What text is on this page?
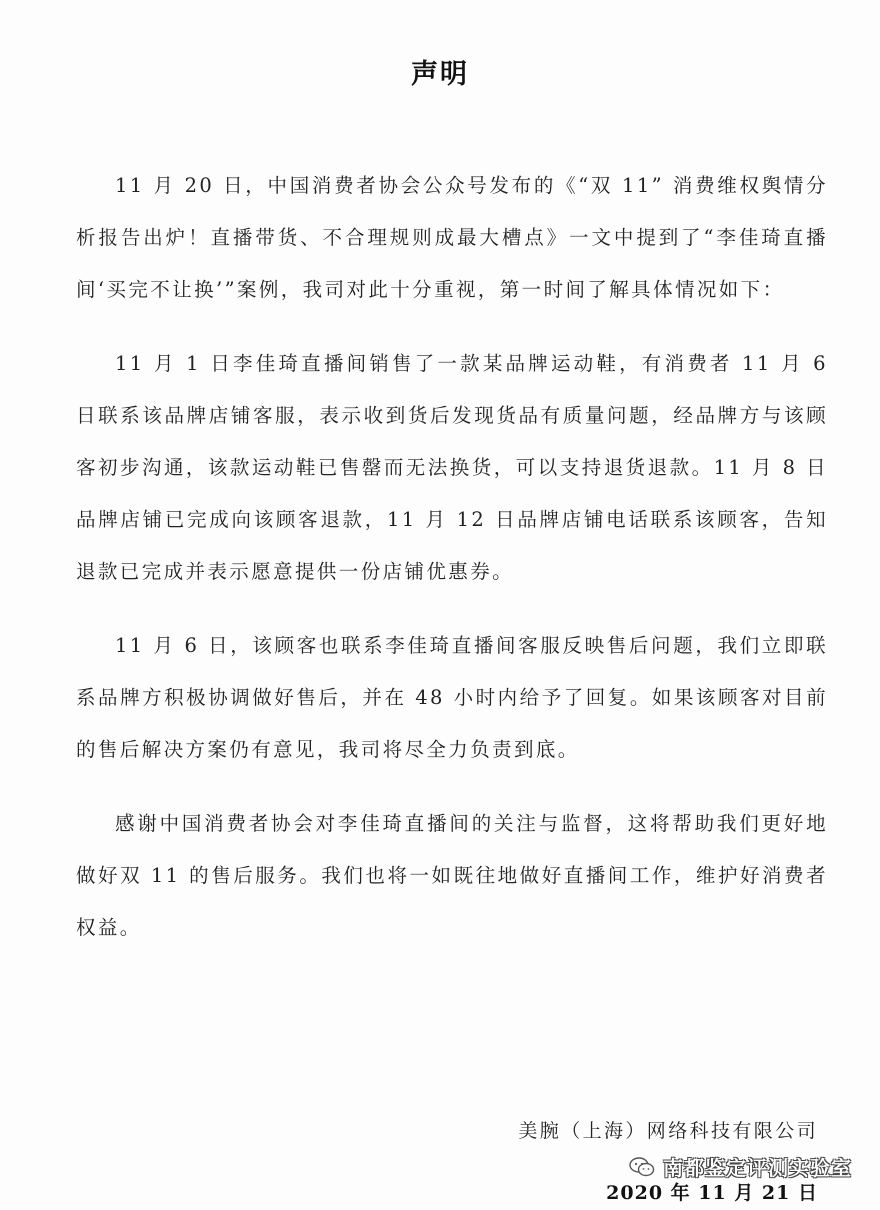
声明

11 月 20 日，中国消费者协会公众号发布的《“双 11” 消费维权舆情分析报告出炉！直播带货、不合理规则成最大槽点》一文中提到了“李佳琦直播间‘买完不让换’”案例，我司对此十分重视，第一时间了解具体情况如下：

11 月 1 日李佳琦直播间销售了一款某品牌运动鞋，有消费者 11 月 6 日联系该品牌店铺客服，表示收到货后发现货品有质量问题，经品牌方与该顾客初步沟通，该款运动鞋已售罄而无法换货，可以支持退货退款。11 月 8 日品牌店铺已完成向该顾客退款，11 月 12 日品牌店铺电话联系该顾客，告知退款已完成并表示愿意提供一份店铺优惠券。

11 月 6 日，该顾客也联系李佳琦直播间客服反映售后问题，我们立即联系品牌方积极协调做好售后，并在 48 小时内给予了回复。如果该顾客对目前的售后解决方案仍有意见，我司将尽全力负责到底。

感谢中国消费者协会对李佳琦直播间的关注与监督，这将帮助我们更好地做好双 11 的售后服务。我们也将一如既往地做好直播间工作，维护好消费者权益。

美腕（上海）网络科技有限公司
南都鉴定评测实验室
2020 年 11 月 21 日
